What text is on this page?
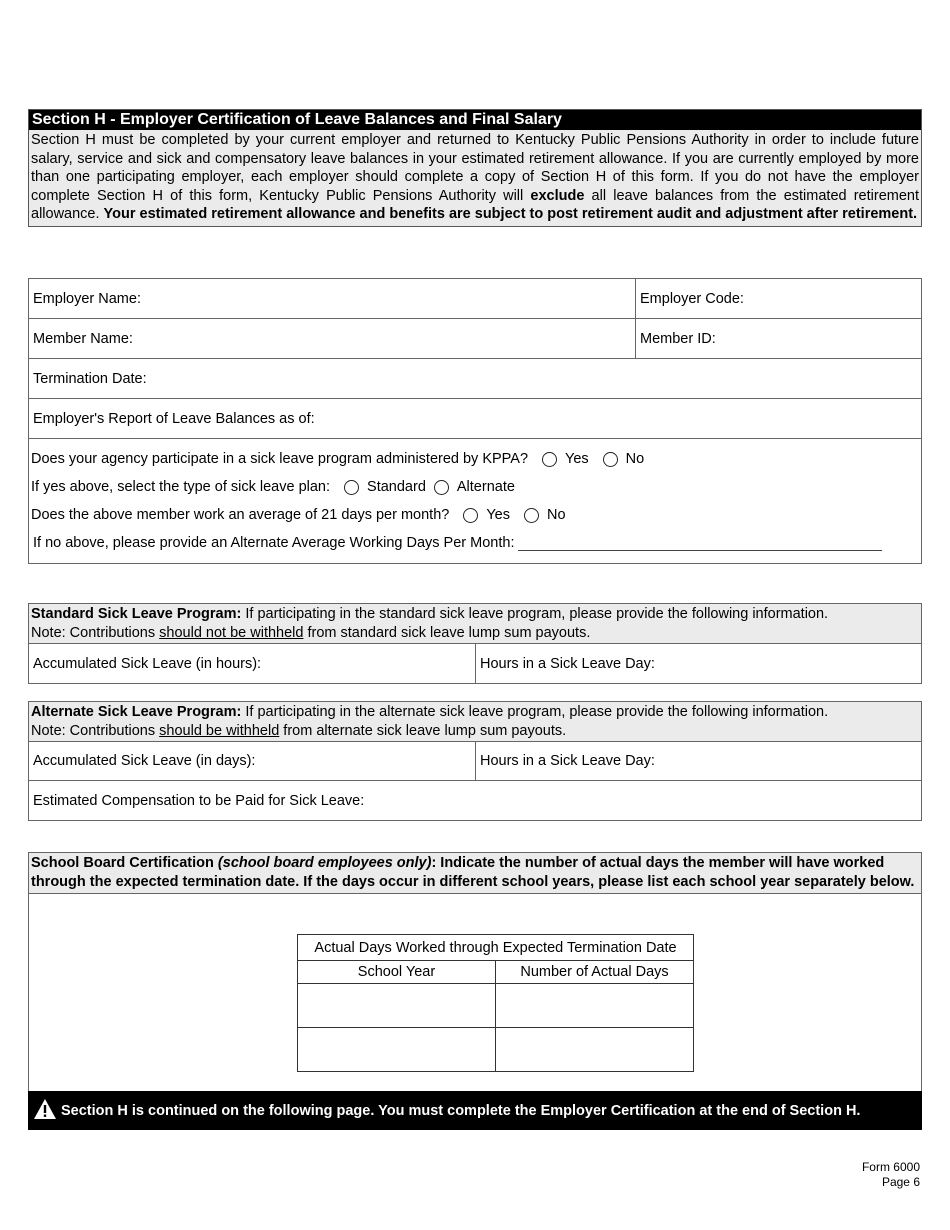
Section H - Employer Certification of Leave Balances and Final Salary
Section H must be completed by your current employer and returned to Kentucky Public Pensions Authority in order to include future salary, service and sick and compensatory leave balances in your estimated retirement allowance. If you are currently employed by more than one participating employer, each employer should complete a copy of Section H of this form. If you do not have the employer complete Section H of this form, Kentucky Public Pensions Authority will exclude all leave balances from the estimated retirement allowance. Your estimated retirement allowance and benefits are subject to post retirement audit and adjustment after retirement.
Employer Name:	Employer Code:
Member Name:	Member ID:
Termination Date:
Employer's Report of Leave Balances as of:
Does your agency participate in a sick leave program administered by KPPA?	Yes	No
If yes above, select the type of sick leave plan:	Standard Alternate
Does the above member work an average of 21 days per month?	Yes	No
If no above, please provide an Alternate Average Working Days Per Month:
Standard Sick Leave Program: If participating in the standard sick leave program, please provide the following information.
Note: Contributions should not be withheld from standard sick leave lump sum payouts.
Accumulated Sick Leave (in hours):	Hours in a Sick Leave Day:
Alternate Sick Leave Program: If participating in the alternate sick leave program, please provide the following information.
Note: Contributions should be withheld from alternate sick leave lump sum payouts.
Accumulated Sick Leave (in days):	Hours in a Sick Leave Day:
Estimated Compensation to be Paid for Sick Leave:
School Board Certification (school board employees only): Indicate the number of actual days the member will have worked through the expected termination date. If the days occur in different school years, please list each school year separately below.
Actual Days Worked through Expected Termination Date	
School Year	Number of Actual Days

Section H is continued on the following page. You must complete the Employer Certification at the end of Section H.
Form 6000
Page 6
